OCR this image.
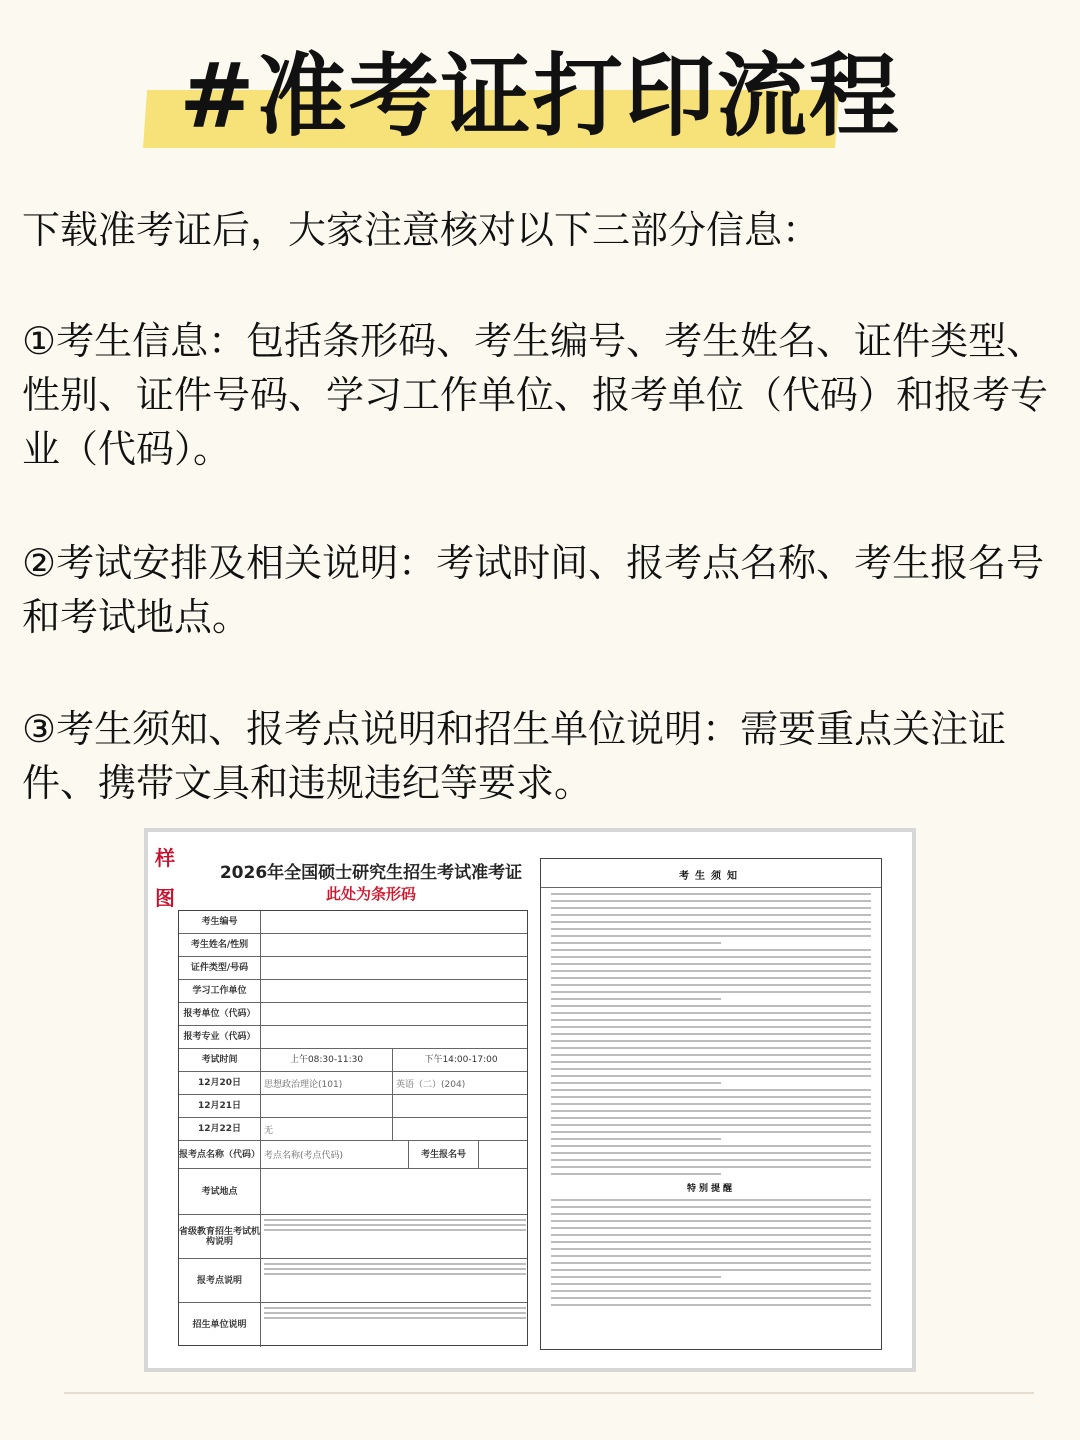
#准考证打印流程
下载准考证后，大家注意核对以下三部分信息：
①考生信息：包括条形码、考生编号、考生姓名、证件类型、性别、证件号码、学习工作单位、报考单位（代码）和报考专业（代码）。
②考试安排及相关说明：考试时间、报考点名称、考生报名号和考试地点。
③考生须知、报考点说明和招生单位说明：需要重点关注证件、携带文具和违规违纪等要求。
样图
2026年全国硕士研究生招生考试准考证
此处为条形码
考生编号
考生姓名/性别
证件类型/号码
学习工作单位
报考单位（代码）
报考专业（代码）
考试时间	上午08:30-11:30	下午14:00-17:00
12月20日	思想政治理论(101)	英语（二）(204)
12月21日
12月22日	无
报考点名称（代码） 考点名称(考点代码)	考生报名号
考试地点
省级教育招生考试机构说明
报考点说明
招生单位说明
考生须知
特别提醒
